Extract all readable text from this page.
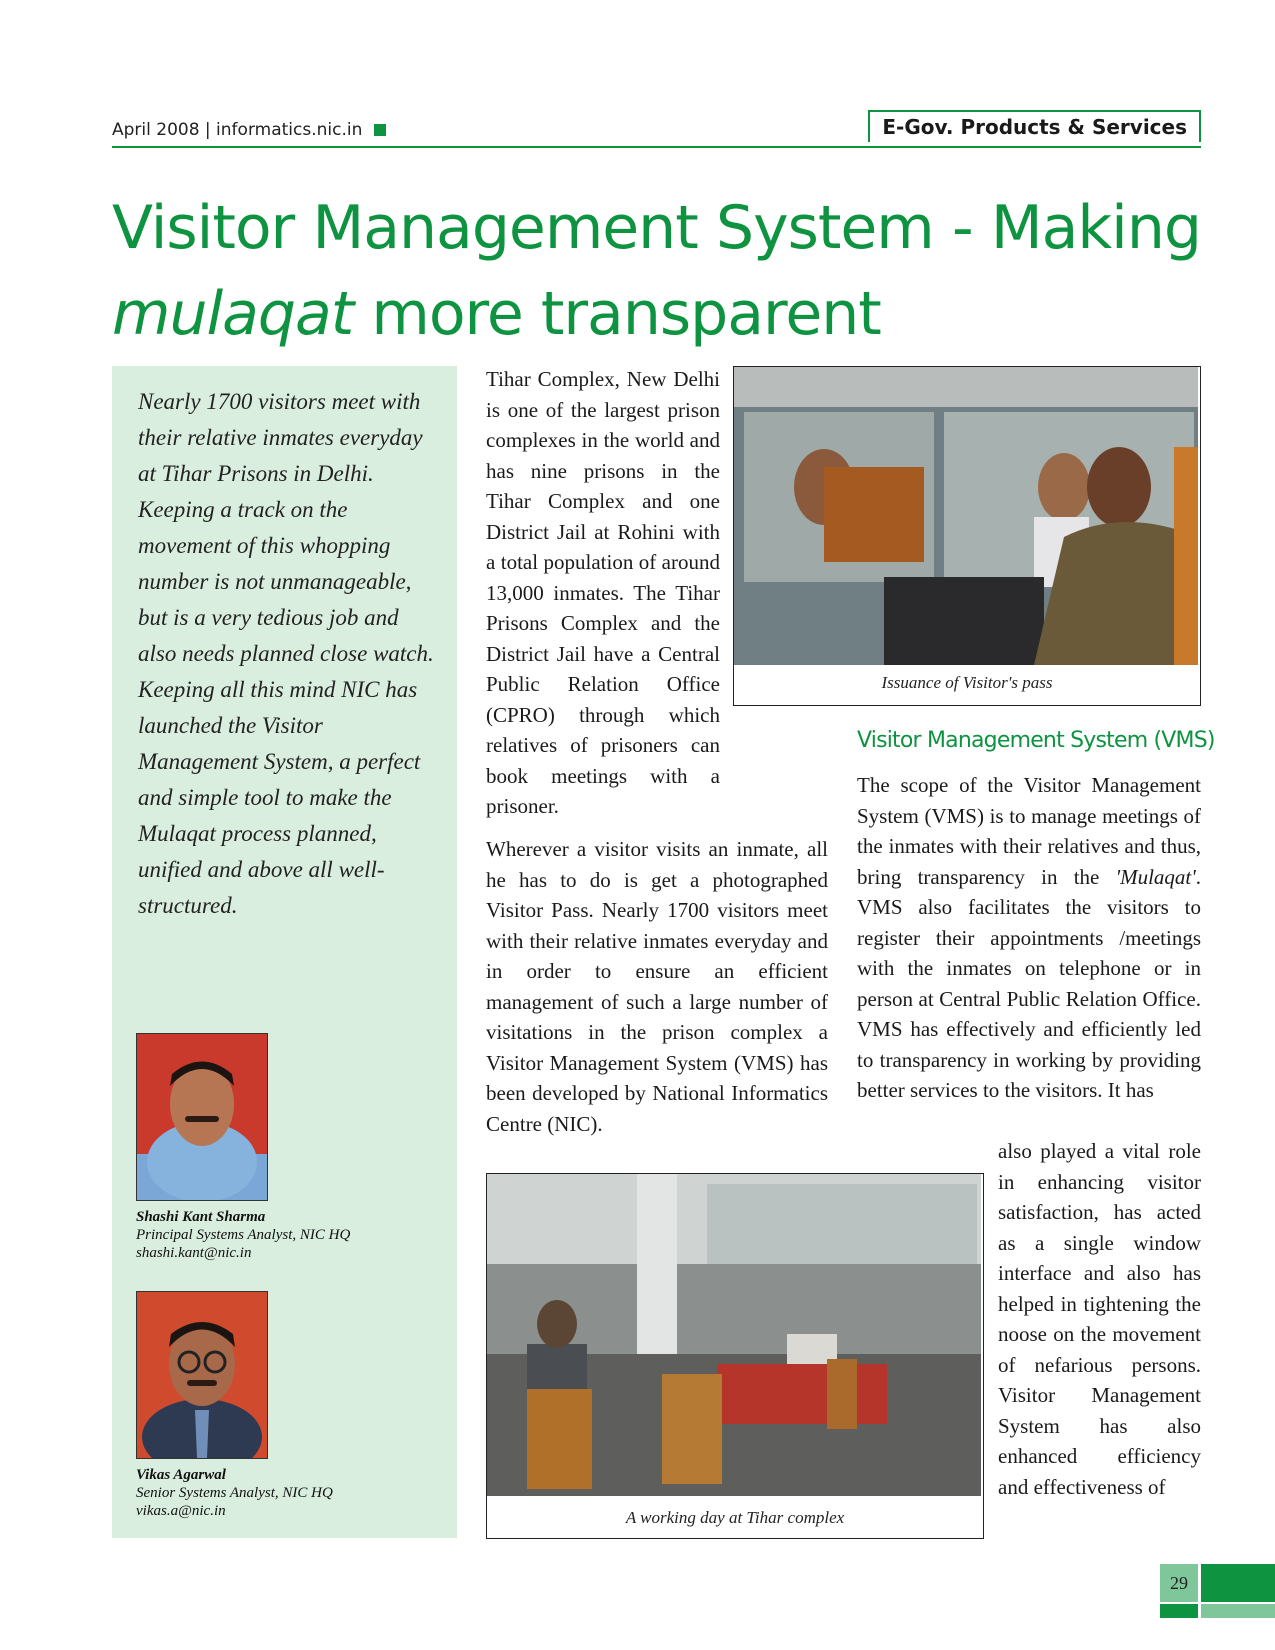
April 2008 | informatics.nic.in	E-Gov. Products & Services
Visitor Management System - Making
mulaqat more transparent
Nearly 1700 visitors meet with their relative inmates everyday at Tihar Prisons in Delhi. Keeping a track on the movement of this whopping number is not unmanageable, but is a very tedious job and also needs planned close watch. Keeping all this mind NIC has launched the Visitor Management System, a perfect and simple tool to make the Mulaqat process planned, unified and above all well-structured.
Shashi Kant Sharma
Principal Systems Analyst, NIC HQ
shashi.kant@nic.in
Vikas Agarwal
Senior Systems Analyst, NIC HQ
vikas.a@nic.in
Tihar Complex, New Delhi is one of the largest prison complexes in the world and has nine prisons in the Tihar Complex and one District Jail at Rohini with a total population of around 13,000 inmates. The Tihar Prisons Complex and the District Jail have a Central Public Relation Office (CPRO) through which relatives of prisoners can book meetings with a prisoner.
Wherever a visitor visits an inmate, all he has to do is get a photographed Visitor Pass. Nearly 1700 visitors meet with their relative inmates everyday and in order to ensure an efficient management of such a large number of visitations in the prison complex a Visitor Management System (VMS) has been developed by National Informatics Centre (NIC).
Issuance of Visitor's pass
Visitor Management System (VMS)
The scope of the Visitor Management System (VMS) is to manage meetings of the inmates with their relatives and thus, bring transparency in the 'Mulaqat'. VMS also facilitates the visitors to register their appointments /meetings with the inmates on telephone or in person at Central Public Relation Office. VMS has effectively and efficiently led to transparency in working by providing better services to the visitors. It has
also played a vital role in enhancing visitor satisfaction, has acted as a single window interface and also has helped in tightening the noose on the movement of nefarious persons. Visitor Management System has also enhanced efficiency and effectiveness of
A working day at Tihar complex
29
